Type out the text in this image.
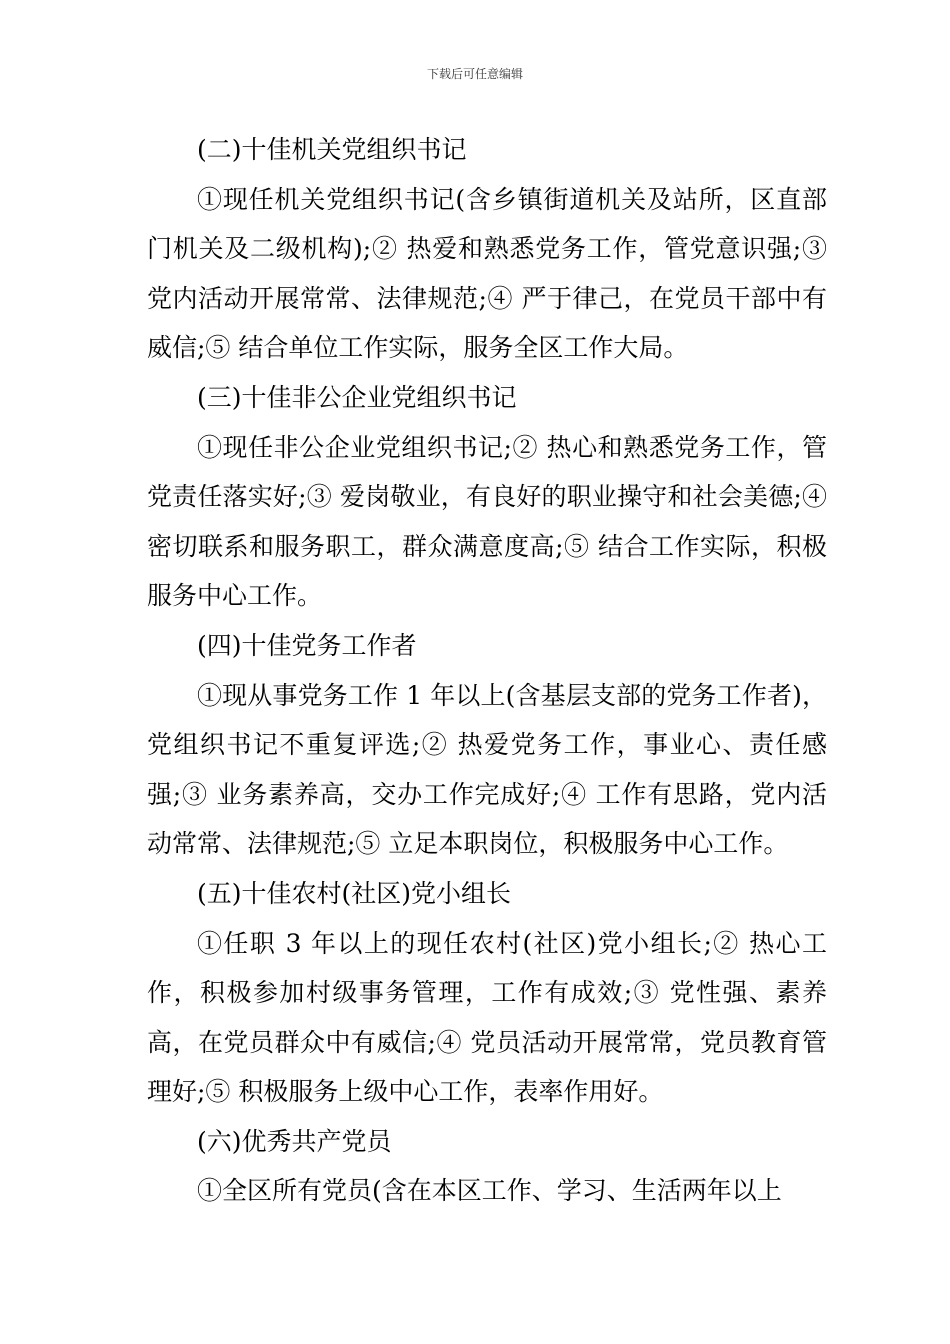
下载后可任意编辑

(二)十佳机关党组织书记

①现任机关党组织书记(含乡镇街道机关及站所，区直部门机关及二级机构);② 热爱和熟悉党务工作，管党意识强;③ 党内活动开展常常、法律规范;④ 严于律己，在党员干部中有威信;⑤ 结合单位工作实际，服务全区工作大局。

(三)十佳非公企业党组织书记

①现任非公企业党组织书记;② 热心和熟悉党务工作，管党责任落实好;③ 爱岗敬业，有良好的职业操守和社会美德;④ 密切联系和服务职工，群众满意度高;⑤ 结合工作实际，积极服务中心工作。

(四)十佳党务工作者

①现从事党务工作 1 年以上(含基层支部的党务工作者)，党组织书记不重复评选;② 热爱党务工作，事业心、责任感强;③ 业务素养高，交办工作完成好;④ 工作有思路，党内活动常常、法律规范;⑤ 立足本职岗位，积极服务中心工作。

(五)十佳农村(社区)党小组长

①任职 3 年以上的现任农村(社区)党小组长;② 热心工作，积极参加村级事务管理，工作有成效;③ 党性强、素养高，在党员群众中有威信;④ 党员活动开展常常，党员教育管理好;⑤ 积极服务上级中心工作，表率作用好。

(六)优秀共产党员

①全区所有党员(含在本区工作、学习、生活两年以上
